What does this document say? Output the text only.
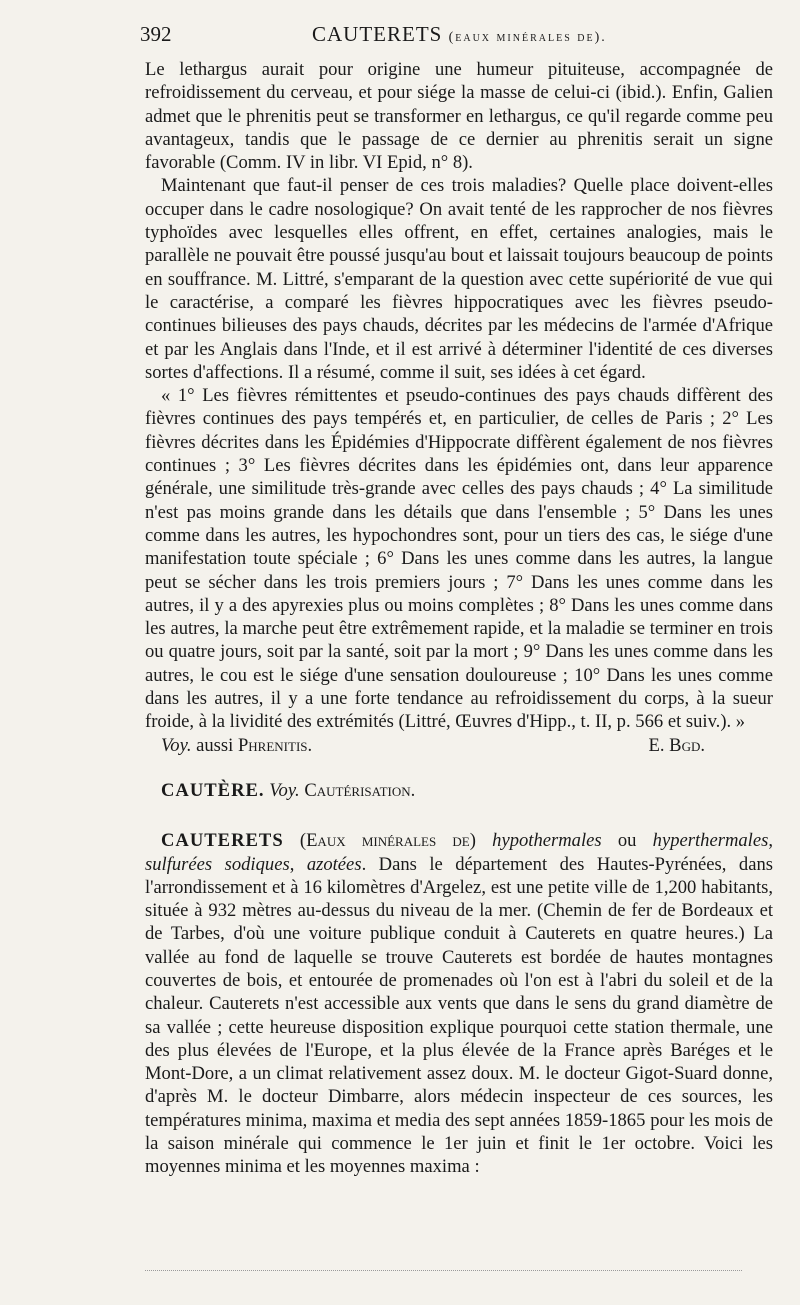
392	CAUTERETS (eaux minérales de).

Le lethargus aurait pour origine une humeur pituiteuse, accompagnée de refroidissement du cerveau, et pour siége la masse de celui-ci (ibid.). Enfin, Galien admet que le phrenitis peut se transformer en lethargus, ce qu'il regarde comme peu avantageux, tandis que le passage de ce dernier au phrenitis serait un signe favorable (Comm. IV in libr. VI Epid, n° 8).

Maintenant que faut-il penser de ces trois maladies? Quelle place doivent-elles occuper dans le cadre nosologique? On avait tenté de les rapprocher de nos fièvres typhoïdes avec lesquelles elles offrent, en effet, certaines analogies, mais le parallèle ne pouvait être poussé jusqu'au bout et laissait toujours beaucoup de points en souffrance. M. Littré, s'emparant de la question avec cette supériorité de vue qui le caractérise, a comparé les fièvres hippocratiques avec les fièvres pseudo-continues bilieuses des pays chauds, décrites par les médecins de l'armée d'Afrique et par les Anglais dans l'Inde, et il est arrivé à déterminer l'identité de ces diverses sortes d'affections. Il a résumé, comme il suit, ses idées à cet égard.

« 1° Les fièvres rémittentes et pseudo-continues des pays chauds diffèrent des fièvres continues des pays tempérés et, en particulier, de celles de Paris ; 2° Les fièvres décrites dans les Épidémies d'Hippocrate diffèrent également de nos fièvres continues ; 3° Les fièvres décrites dans les épidémies ont, dans leur apparence générale, une similitude très-grande avec celles des pays chauds ; 4° La similitude n'est pas moins grande dans les détails que dans l'ensemble ; 5° Dans les unes comme dans les autres, les hypochondres sont, pour un tiers des cas, le siége d'une manifestation toute spéciale ; 6° Dans les unes comme dans les autres, la langue peut se sécher dans les trois premiers jours ; 7° Dans les unes comme dans les autres, il y a des apyrexies plus ou moins complètes ; 8° Dans les unes comme dans les autres, la marche peut être extrêmement rapide, et la maladie se terminer en trois ou quatre jours, soit par la santé, soit par la mort ; 9° Dans les unes comme dans les autres, le cou est le siége d'une sensation douloureuse ; 10° Dans les unes comme dans les autres, il y a une forte tendance au refroidissement du corps, à la sueur froide, à la lividité des extrémités (Littré, Œuvres d'Hipp., t. II, p. 566 et suiv.). »

Voy. aussi Phrenitis.	E. Bgd.

CAUTÈRE. Voy. Cautérisation.

CAUTERETS (Eaux minérales de) hypothermales ou hyperthermales, sulfurées sodiques, azotées. Dans le département des Hautes-Pyrénées, dans l'arrondissement et à 16 kilomètres d'Argelez, est une petite ville de 1,200 habitants, située à 932 mètres au-dessus du niveau de la mer. (Chemin de fer de Bordeaux et de Tarbes, d'où une voiture publique conduit à Cauterets en quatre heures.) La vallée au fond de laquelle se trouve Cauterets est bordée de hautes montagnes couvertes de bois, et entourée de promenades où l'on est à l'abri du soleil et de la chaleur. Cauterets n'est accessible aux vents que dans le sens du grand diamètre de sa vallée ; cette heureuse disposition explique pourquoi cette station thermale, une des plus élevées de l'Europe, et la plus élevée de la France après Baréges et le Mont-Dore, a un climat relativement assez doux. M. le docteur Gigot-Suard donne, d'après M. le docteur Dimbarre, alors médecin inspecteur de ces sources, les températures minima, maxima et media des sept années 1859-1865 pour les mois de la saison minérale qui commence le 1er juin et finit le 1er octobre. Voici les moyennes minima et les moyennes maxima :
